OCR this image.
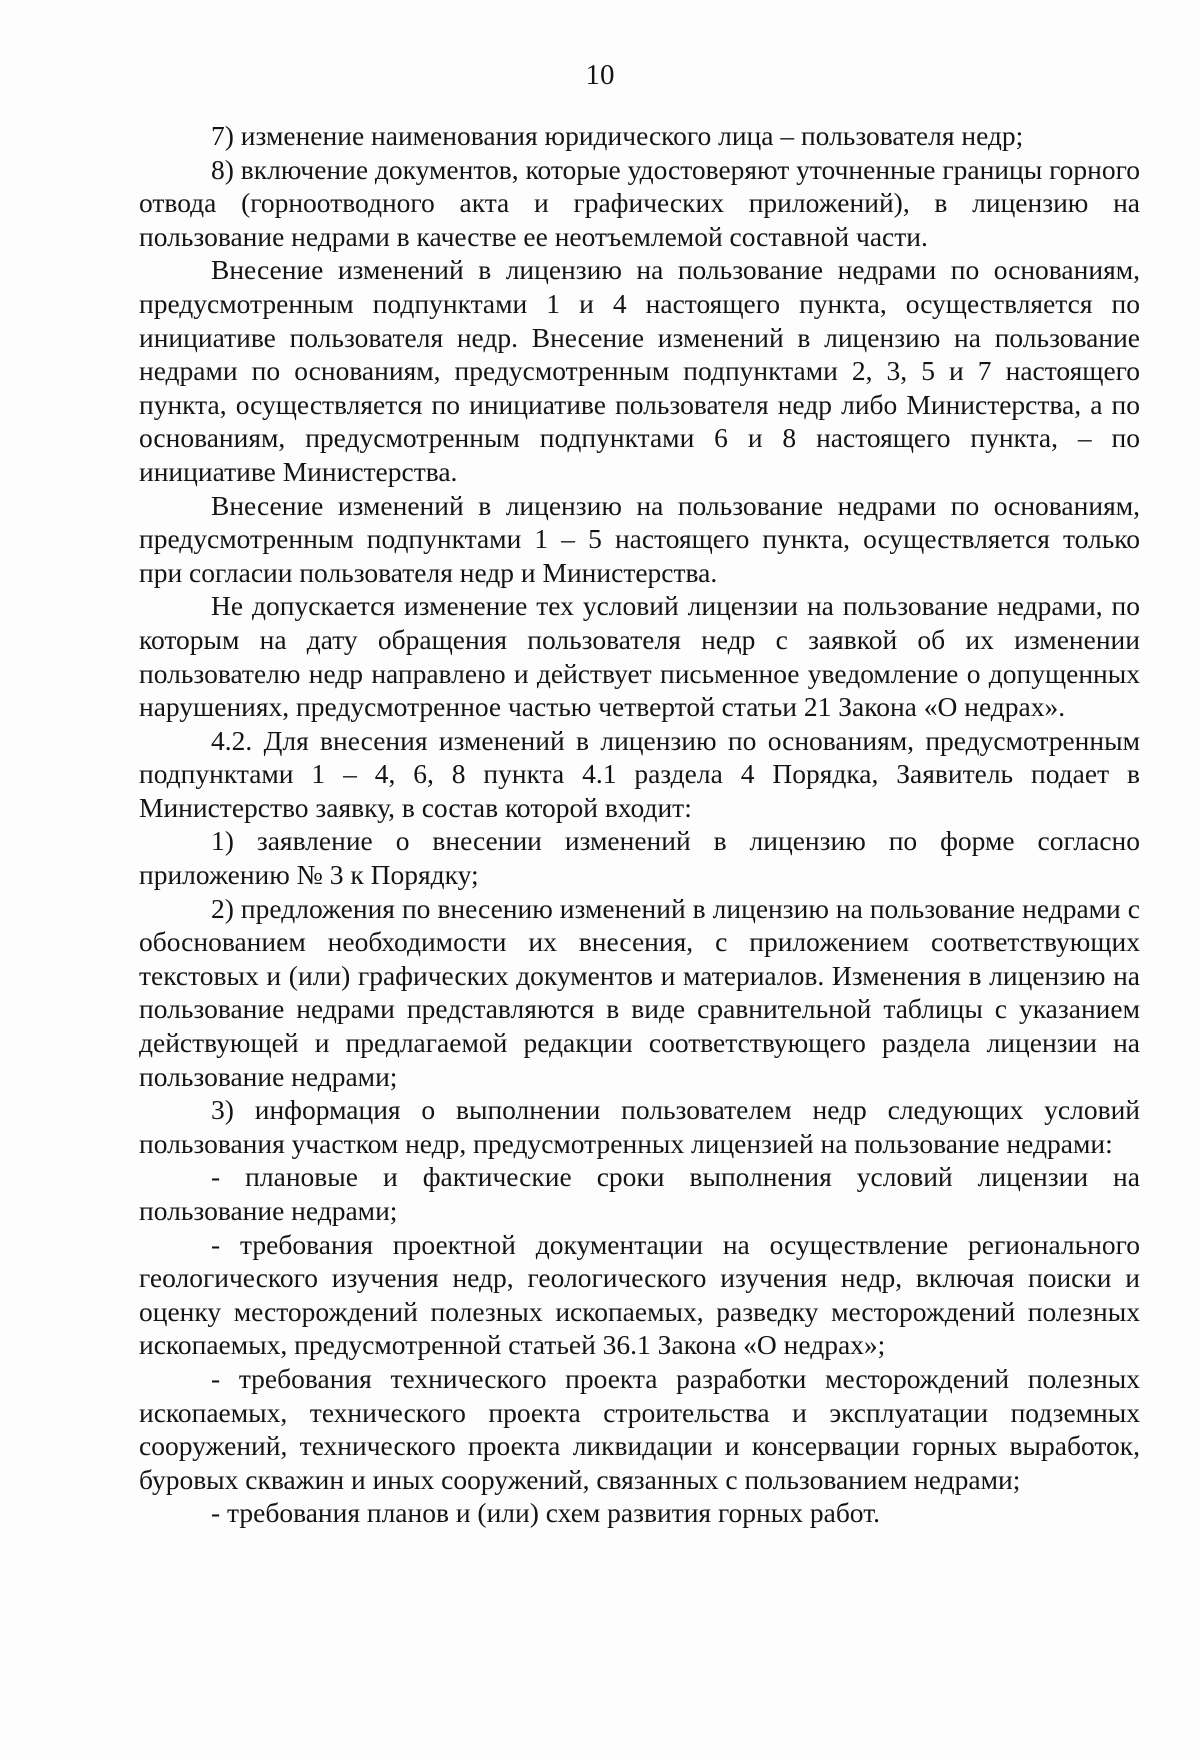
10

7) изменение наименования юридического лица – пользователя недр;

8) включение документов, которые удостоверяют уточненные границы горного отвода (горноотводного акта и графических приложений), в лицензию на пользование недрами в качестве ее неотъемлемой составной части.

Внесение изменений в лицензию на пользование недрами по основаниям, предусмотренным подпунктами 1 и 4 настоящего пункта, осуществляется по инициативе пользователя недр. Внесение изменений в лицензию на пользование недрами по основаниям, предусмотренным подпунктами 2, 3, 5 и 7 настоящего пункта, осуществляется по инициативе пользователя недр либо Министерства, а по основаниям, предусмотренным подпунктами 6 и 8 настоящего пункта, – по инициативе Министерства.

Внесение изменений в лицензию на пользование недрами по основаниям, предусмотренным подпунктами 1 – 5 настоящего пункта, осуществляется только при согласии пользователя недр и Министерства.

Не допускается изменение тех условий лицензии на пользование недрами, по которым на дату обращения пользователя недр с заявкой об их изменении пользователю недр направлено и действует письменное уведомление о допущенных нарушениях, предусмотренное частью четвертой статьи 21 Закона «О недрах».

4.2. Для внесения изменений в лицензию по основаниям, предусмотренным подпунктами 1 – 4, 6, 8 пункта 4.1 раздела 4 Порядка, Заявитель подает в Министерство заявку, в состав которой входит:

1) заявление о внесении изменений в лицензию по форме согласно приложению № 3 к Порядку;

2) предложения по внесению изменений в лицензию на пользование недрами с обоснованием необходимости их внесения, с приложением соответствующих текстовых и (или) графических документов и материалов. Изменения в лицензию на пользование недрами представляются в виде сравнительной таблицы с указанием действующей и предлагаемой редакции соответствующего раздела лицензии на пользование недрами;

3) информация о выполнении пользователем недр следующих условий пользования участком недр, предусмотренных лицензией на пользование недрами:

- плановые и фактические сроки выполнения условий лицензии на пользование недрами;

- требования проектной документации на осуществление регионального геологического изучения недр, геологического изучения недр, включая поиски и оценку месторождений полезных ископаемых, разведку месторождений полезных ископаемых, предусмотренной статьей 36.1 Закона «О недрах»;

- требования технического проекта разработки месторождений полезных ископаемых, технического проекта строительства и эксплуатации подземных сооружений, технического проекта ликвидации и консервации горных выработок, буровых скважин и иных сооружений, связанных с пользованием недрами;

- требования планов и (или) схем развития горных работ.
